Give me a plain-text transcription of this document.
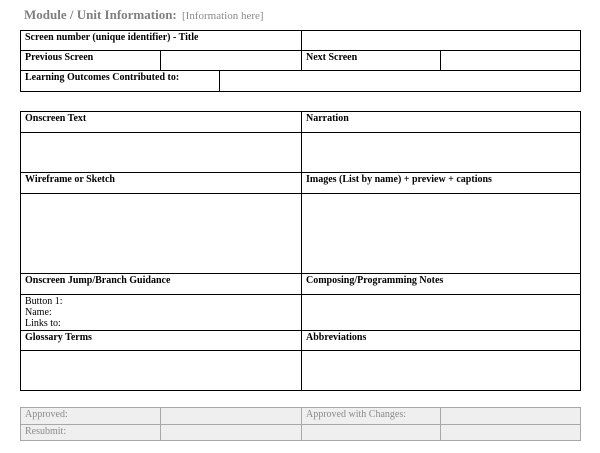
Module / Unit Information: [Information here]
Screen number (unique identifier) - Title			
Previous Screen		Next Screen	
Learning Outcomes Contributed to:	
Onscreen Text	Narration

Wireframe or Sketch	Images (List by name) + preview + captions

Onscreen Jump/Branch Guidance	Composing/Programming Notes

Button 1:
Name:
Links to:	

Glossary Terms	Abbreviations

Approved:		Approved with Changes:	
Resubmit:			
